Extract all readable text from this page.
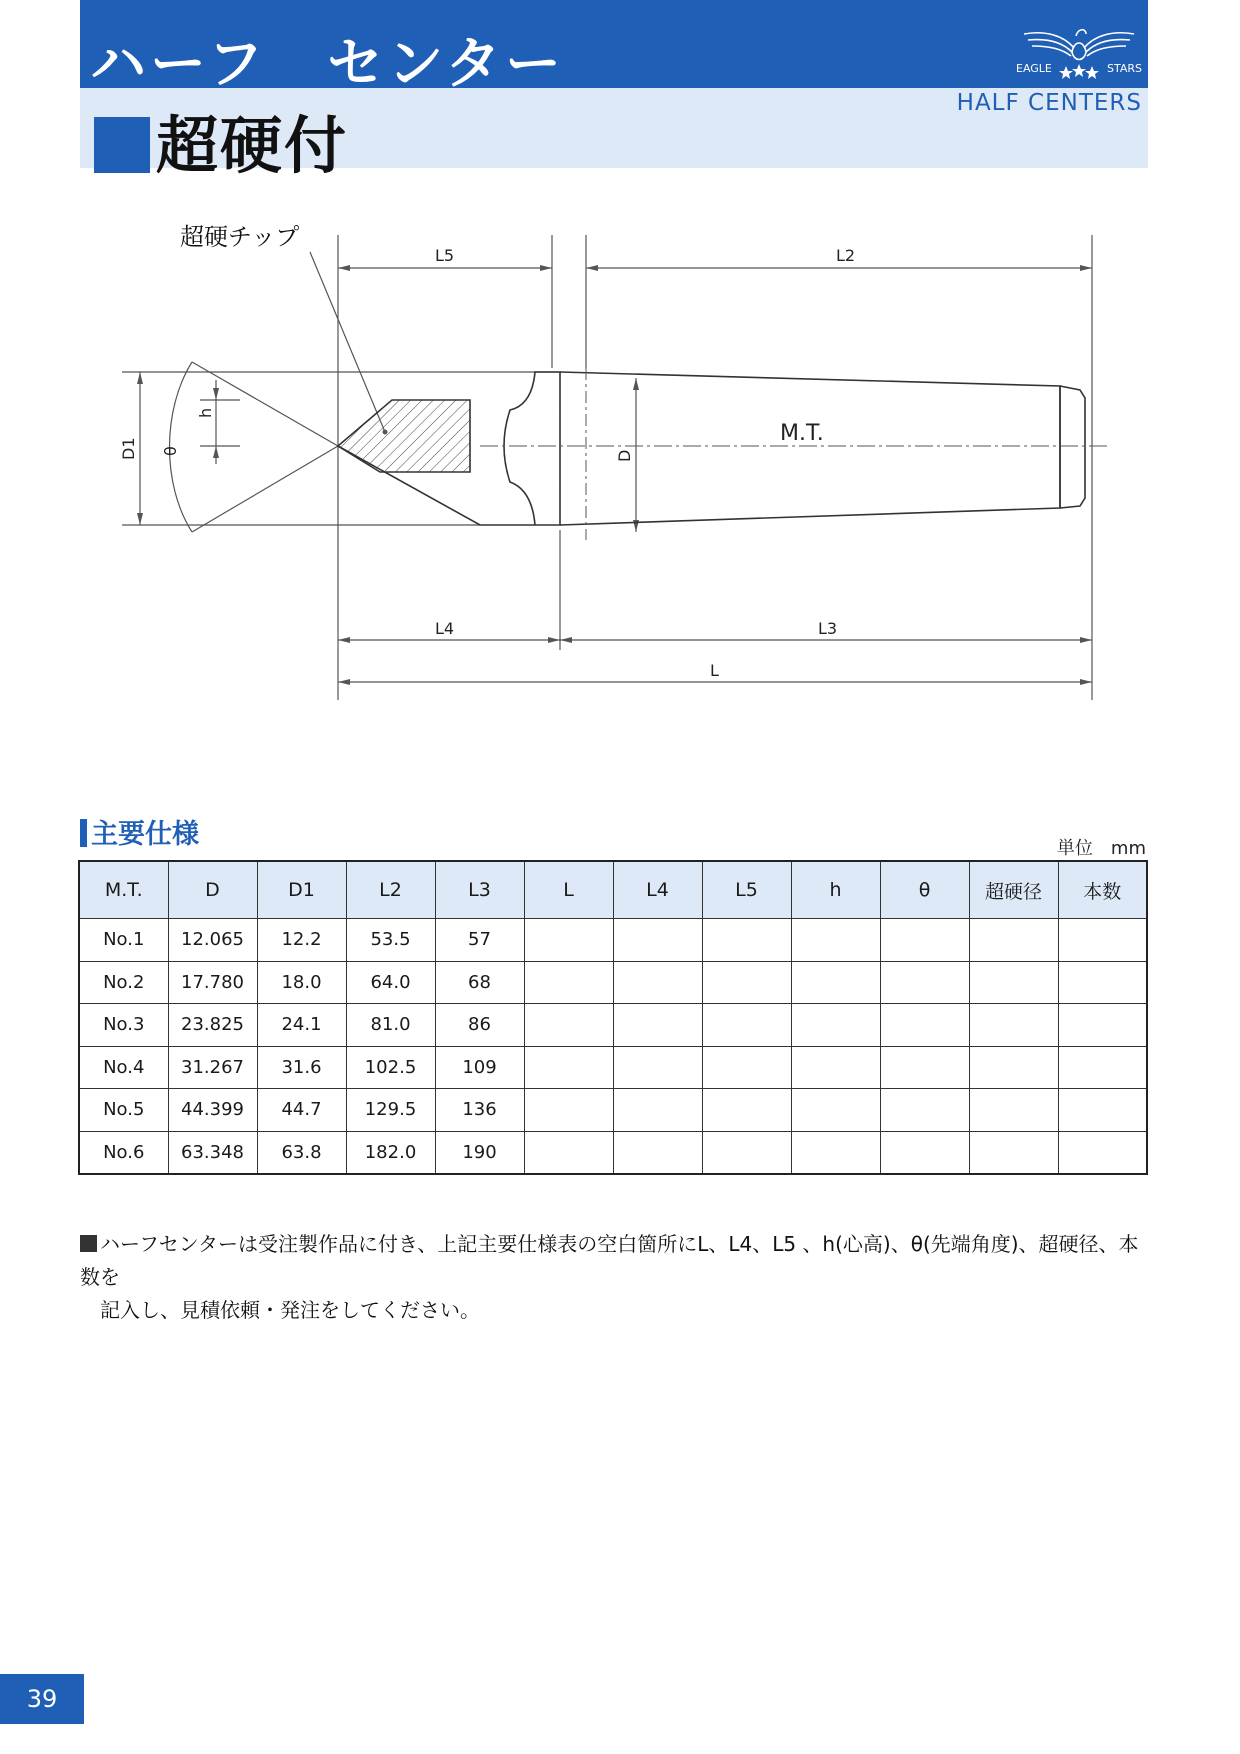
ハーフ　センター	EAGLE	STARS
超硬付
HALF CENTERS
超硬チップ
L5	L2
L4	L3
L
M.T.
D1 θ
h
D
主要仕様	単位　mm
M.T.	D	D1	L2	L3	L	L4	L5	h	θ	超硬径	本数
No.1	12.065	12.2	53.5	57							
No.2	17.780	18.0	64.0	68							
No.3	23.825	24.1	81.0	86							
No.4	31.267	31.6	102.5	109							
No.5	44.399	44.7	129.5	136							
No.6	63.348	63.8	182.0	190							
ハーフセンターは受注製作品に付き、上記主要仕様表の空白箇所にL、L4、L5 、h(心高)、θ(先端角度)、超硬径、本数を
記入し、見積依頼・発注をしてください。
39
